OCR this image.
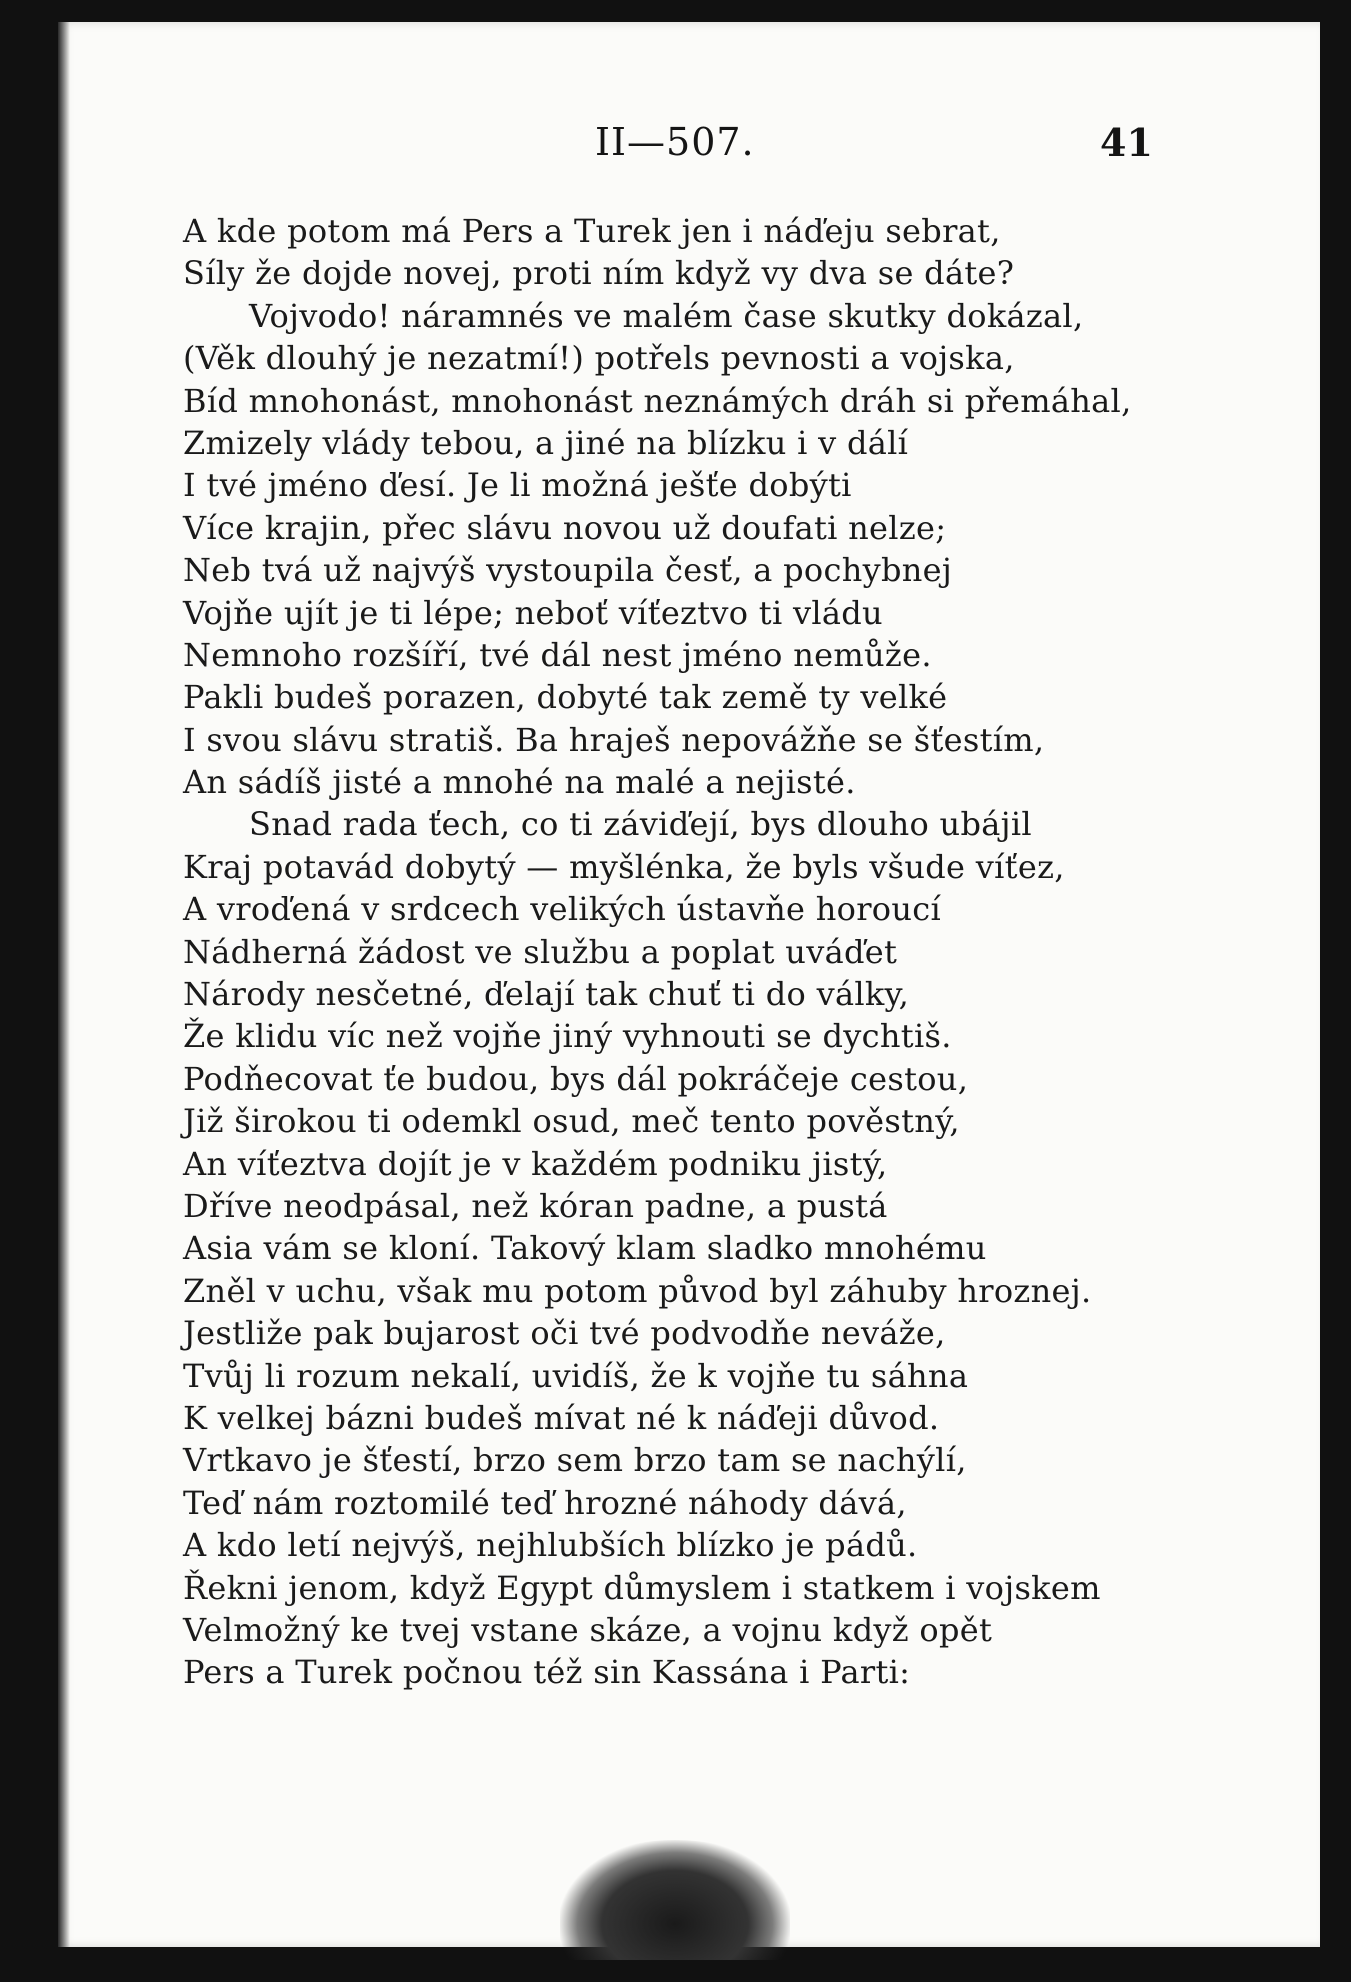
II—507.	41
A kde potom má Pers a Turek jen i náďeju sebrat,
Síly že dojde novej, proti ním když vy dva se dáte?
Vojvodo! náramnés ve malém čase skutky dokázal,
(Věk dlouhý je nezatmí!) potřels pevnosti a vojska,
Bíd mnohonást, mnohonást neznámých dráh si přemáhal,
Zmizely vlády tebou, a jiné na blízku i v dálí
I tvé jméno ďesí. Je li možná ješťe dobýti
Více krajin, přec slávu novou už doufati nelze;
Neb tvá už najvýš vystoupila česť, a pochybnej
Vojňe ujít je ti lépe; neboť víťeztvo ti vládu
Nemnoho rozšíří, tvé dál nest jméno nemůže.
Pakli budeš porazen, dobyté tak země ty velké
I svou slávu stratiš. Ba hraješ nepovážňe se šťestím,
An sádíš jisté a mnohé na malé a nejisté.
Snad rada ťech, co ti záviďejí, bys dlouho ubájil
Kraj potavád dobytý — myšlénka, že byls všude víťez,
A vroďená v srdcech velikých ústavňe horoucí
Nádherná žádost ve službu a poplat uváďet
Národy nesčetné, ďelají tak chuť ti do války,
Že klidu víc než vojňe jiný vyhnouti se dychtiš.
Podňecovat ťe budou, bys dál pokráčeje cestou,
Již širokou ti odemkl osud, meč tento pověstný,
An víťeztva dojít je v každém podniku jistý,
Dříve neodpásal, než kóran padne, a pustá
Asia vám se kloní. Takový klam sladko mnohému
Zněl v uchu, však mu potom původ byl záhuby hroznej.
Jestliže pak bujarost oči tvé podvodňe neváže,
Tvůj li rozum nekalí, uvidíš, že k vojňe tu sáhna
K velkej bázni budeš mívat né k náďeji důvod.
Vrtkavo je šťestí, brzo sem brzo tam se nachýlí,
Teď nám roztomilé teď hrozné náhody dává,
A kdo letí nejvýš, nejhlubších blízko je pádů.
Řekni jenom, když Egypt důmyslem i statkem i vojskem
Velmožný ke tvej vstane skáze, a vojnu když opět
Pers a Turek počnou též sin Kassána i Parti:
